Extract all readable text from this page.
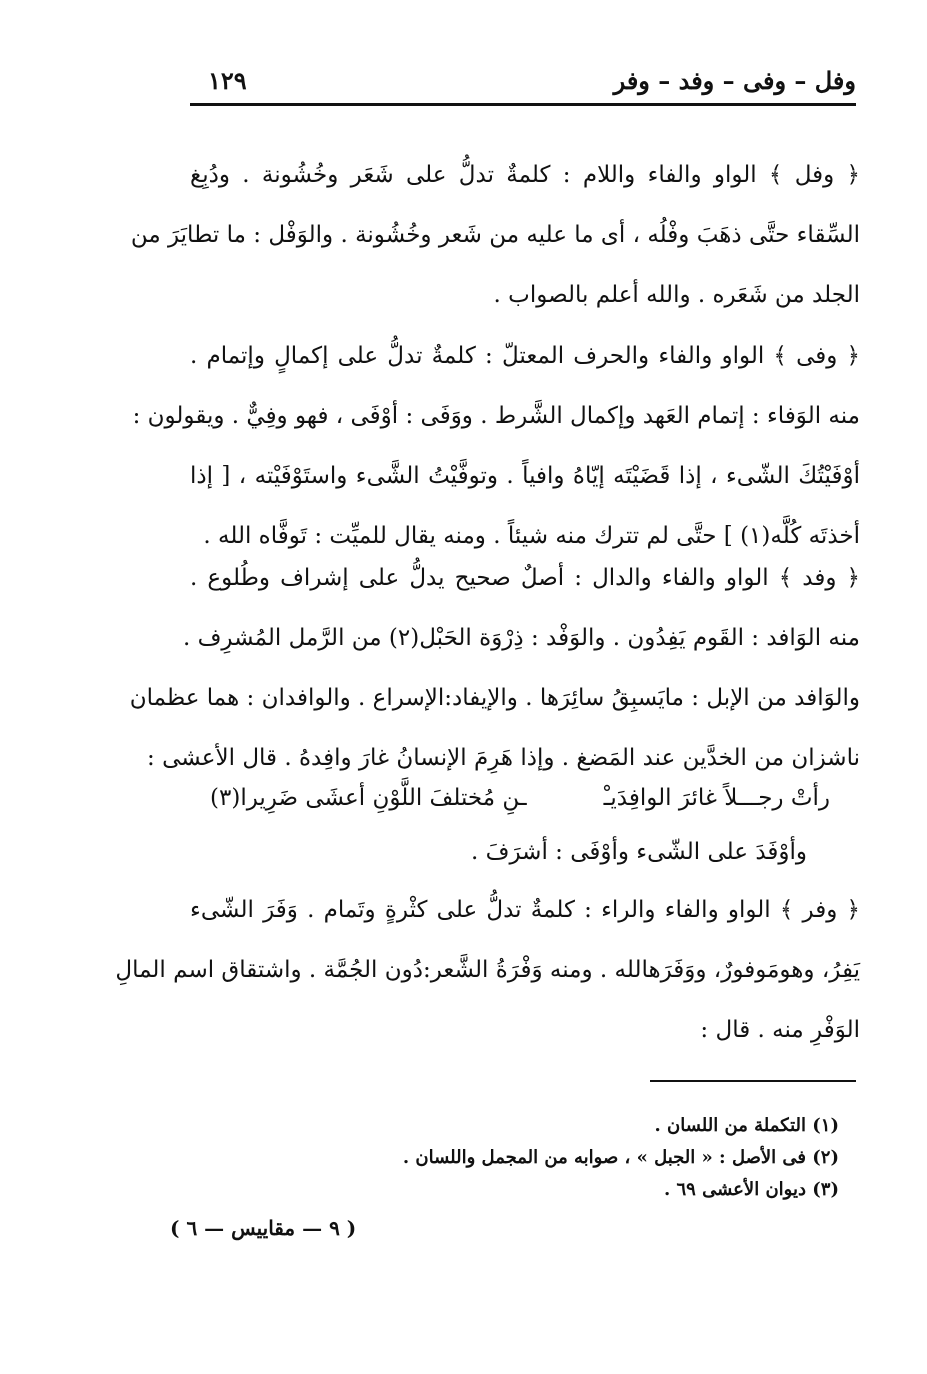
وفل – وفى – وفد – وفر
١٢٩
﴿ وفل ﴾ الواو والفاء واللام : كلمةٌ تدلُّ على شَعَر وخُشُونة . ودُبِغ
السِّقاء حتَّى ذهَبَ وفْلُه ، أى ما عليه من شَعر وخُشُونة . والوَفْل : ما تطايَرَ من
الجلد من شَعَره . والله أعلم بالصواب .
﴿ وفى ﴾ الواو والفاء والحرف المعتلّ : كلمةٌ تدلُّ على إكمالٍ وإتمام .
منه الوَفاء : إتمام العَهد وإكمال الشَّرط . ووَفَى : أوْفَى ، فهو وفِيٌّ . ويقولون :
أوْفَيْتُكَ الشّىء ، إذا قَضَيْتَه إيّاهُ وافياً . وتوفَّيْتُ الشَّىء واستَوْفَيْته ، [ إذا
أخذتَه كُلَّه(١) ] حتَّى لم تترك منه شيئاً . ومنه يقال للميِّت : تَوفَّاه الله .
﴿ وفد ﴾ الواو والفاء والدال : أصلٌ صحيح يدلُّ على إشراف وطُلوع .
منه الوَافد : القَوم يَفِدُون . والوَفْد : ذِرْوَة الحَبْل(٢) من الرَّمل المُشرِف .
والوَافد من الإبل : مايَسبِقُ سائِرَها . والإيفاد:الإسراع . والوافدان : هما عظمان
ناشزان من الخدَّين عند المَضغ . وإذا هَرِمَ الإنسانُ غارَ وافِدهُ . قال الأعشى :
رأتْ رجـــلاً غائرَ الوافِدَيـْ
ـنِ مُختلفَ اللَّوْنِ أعشَى ضَرِيرا(٣)
وأوْفَدَ على الشّىء وأوْفَى : أشرَفَ .
﴿ وفر ﴾ الواو والفاء والراء : كلمةٌ تدلُّ على كثْرةٍ وتَمام . وَفَرَ الشّىء
يَفِرُ، وهومَوفورٌ، ووَفَرَهالله . ومنه وَفْرَةُ الشَّعر:دُون الجُمَّة . واشتقاق اسم المالِ
الوَفْرِ منه . قال :
(١) التكملة من اللسان .
(٢) فى الأصل : « الجبل » ، صوابه من المجمل واللسان .
(٣) ديوان الأعشى ٦٩ .
( ٩ — مقاييس — ٦ )
